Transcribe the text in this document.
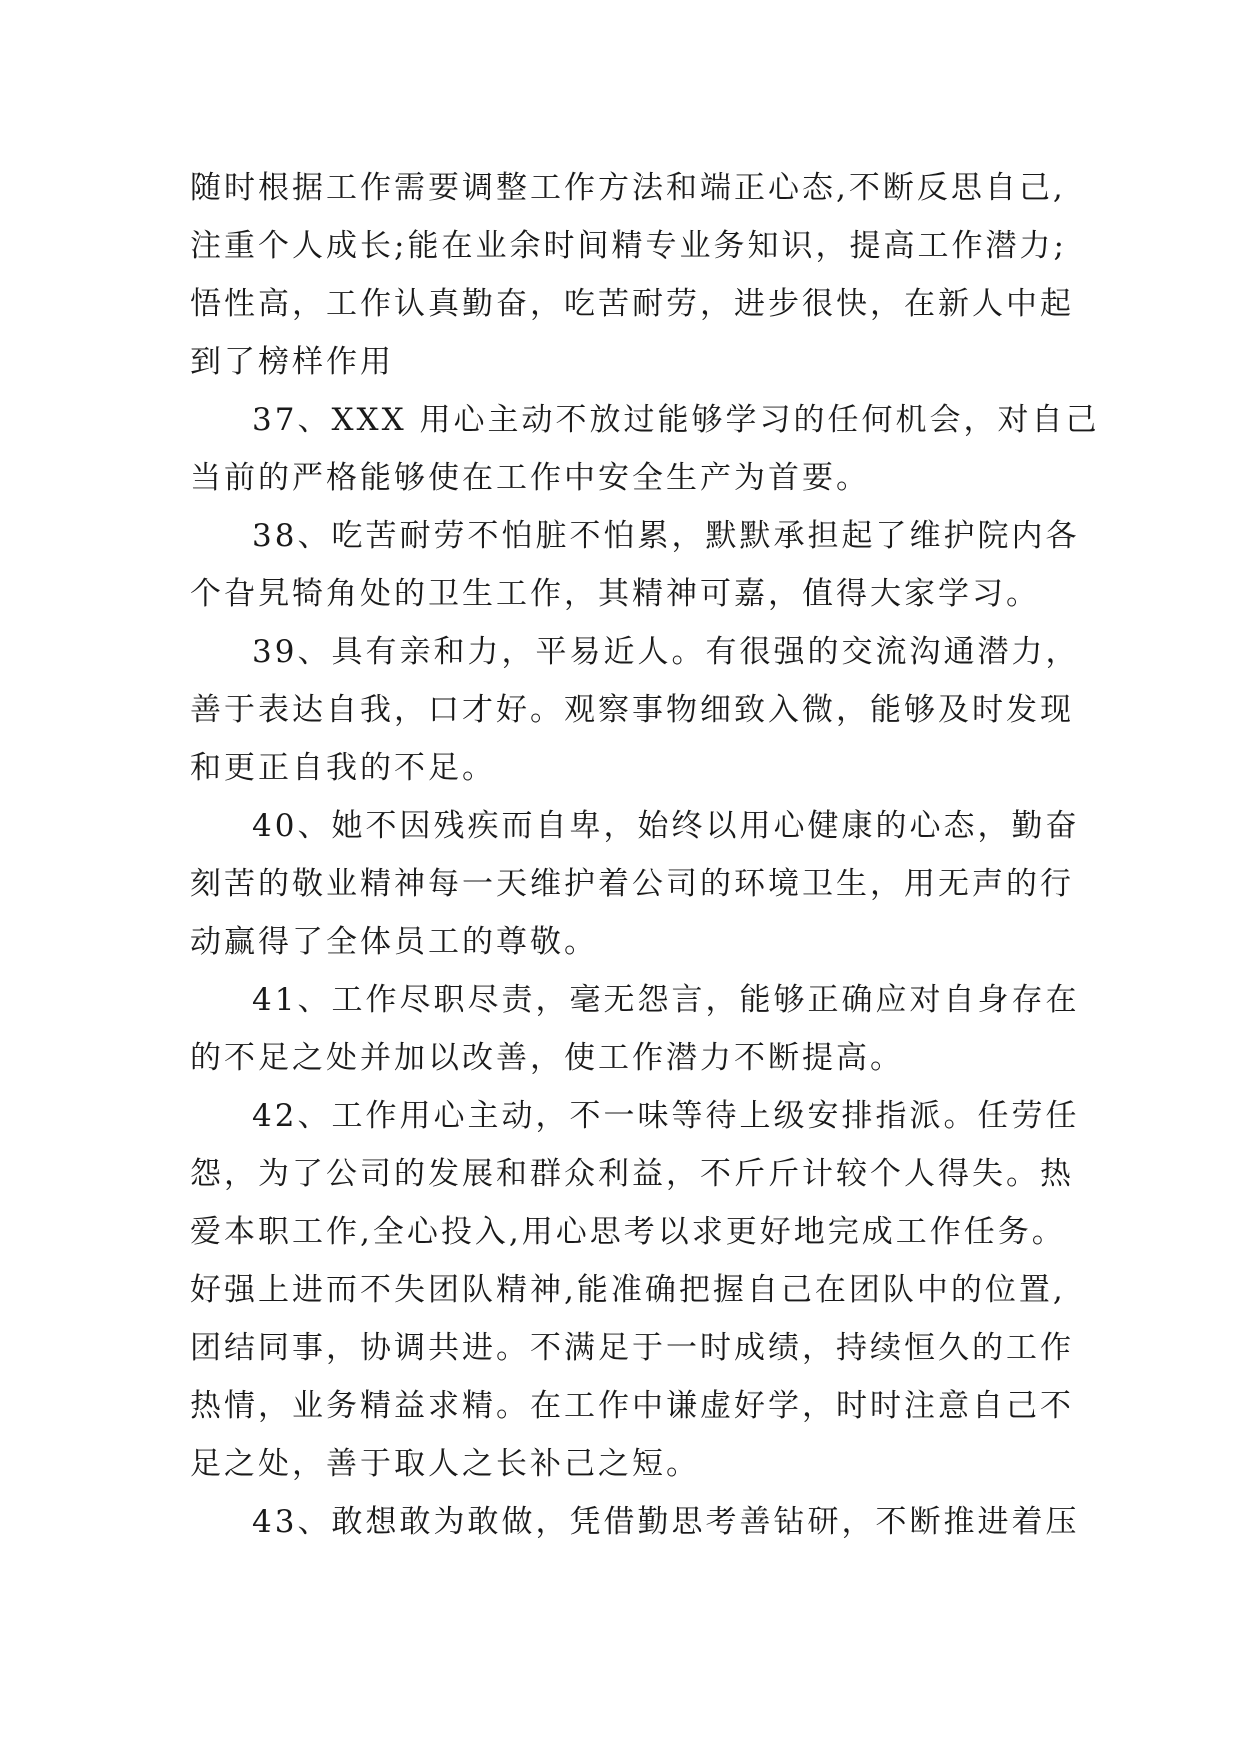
随时根据工作需要调整工作方法和端正心态,不断反思自己,
注重个人成长;能在业余时间精专业务知识，提高工作潜力;
悟性高，工作认真勤奋，吃苦耐劳，进步很快，在新人中起
到了榜样作用
37、XXX 用心主动不放过能够学习的任何机会，对自己
当前的严格能够使在工作中安全生产为首要。
38、吃苦耐劳不怕脏不怕累，默默承担起了维护院内各
个旮旯犄角处的卫生工作，其精神可嘉，值得大家学习。
39、具有亲和力，平易近人。有很强的交流沟通潜力，
善于表达自我，口才好。观察事物细致入微，能够及时发现
和更正自我的不足。
40、她不因残疾而自卑，始终以用心健康的心态，勤奋
刻苦的敬业精神每一天维护着公司的环境卫生，用无声的行
动赢得了全体员工的尊敬。
41、工作尽职尽责，毫无怨言，能够正确应对自身存在
的不足之处并加以改善，使工作潜力不断提高。
42、工作用心主动，不一味等待上级安排指派。任劳任
怨，为了公司的发展和群众利益，不斤斤计较个人得失。热
爱本职工作,全心投入,用心思考以求更好地完成工作任务。
好强上进而不失团队精神,能准确把握自己在团队中的位置,
团结同事，协调共进。不满足于一时成绩，持续恒久的工作
热情，业务精益求精。在工作中谦虚好学，时时注意自己不
足之处，善于取人之长补己之短。
43、敢想敢为敢做，凭借勤思考善钻研，不断推进着压
